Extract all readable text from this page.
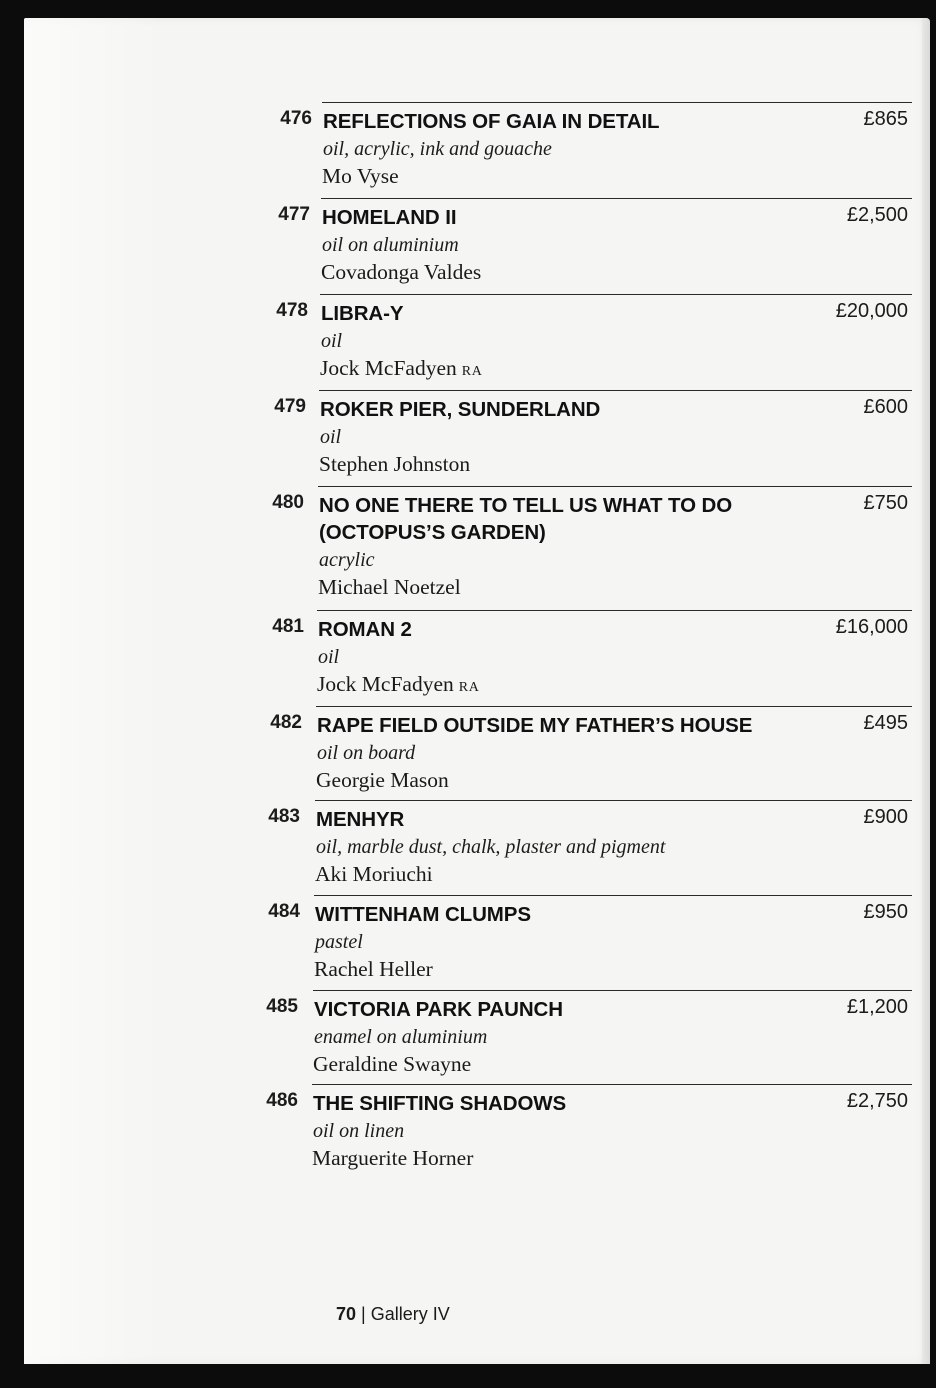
476 REFLECTIONS OF GAIA IN DETAIL
oil, acrylic, ink and gouache
Mo Vyse
£865
477 HOMELAND II
oil on aluminium
Covadonga Valdes
£2,500
478 LIBRA-Y
oil
Jock McFadyen RA
£20,000
479 ROKER PIER, SUNDERLAND
oil
Stephen Johnston
£600
480 NO ONE THERE TO TELL US WHAT TO DO (OCTOPUS’S GARDEN)
acrylic
Michael Noetzel
£750
481 ROMAN 2
oil
Jock McFadyen RA
£16,000
482 RAPE FIELD OUTSIDE MY FATHER’S HOUSE
oil on board
Georgie Mason
£495
483 MENHYR
oil, marble dust, chalk, plaster and pigment
Aki Moriuchi
£900
484 WITTENHAM CLUMPS
pastel
Rachel Heller
£950
485 VICTORIA PARK PAUNCH
enamel on aluminium
Geraldine Swayne
£1,200
486 THE SHIFTING SHADOWS
oil on linen
Marguerite Horner
£2,750
70 | Gallery IV
